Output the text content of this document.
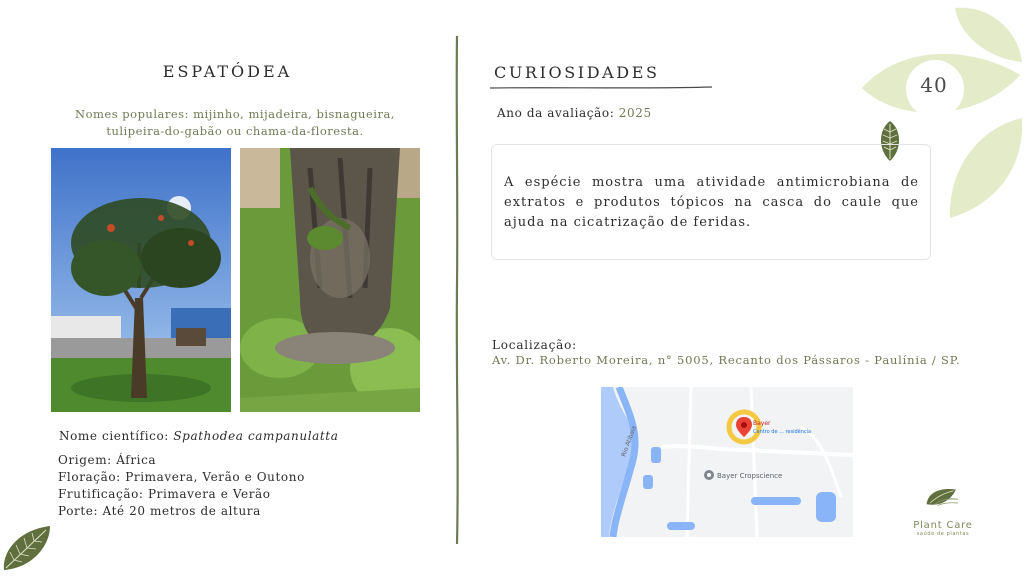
40
ESPATÓDEA
Nomes populares: mijinho, mijadeira, bisnagueira, tulipeira-do-gabão ou chama-da-floresta.
Nome científico: Spathodea campanulatta
Origem: África
Floração: Primavera, Verão e Outono
Frutificação: Primavera e Verão
Porte: Até 20 metros de altura
CURIOSIDADES
Ano da avaliação: 2025

A espécie mostra uma atividade antimicrobiana de extratos e produtos tópicos na casca do caule que ajuda na cicatrização de feridas.

Localização:
Av. Dr. Roberto Moreira, n° 5005, Recanto dos Pássaros - Paulínia / SP.
Rio Atibaia
Bayer
Centro de ... residência
Bayer Cropscience
Plant Care
saúde de plantas
